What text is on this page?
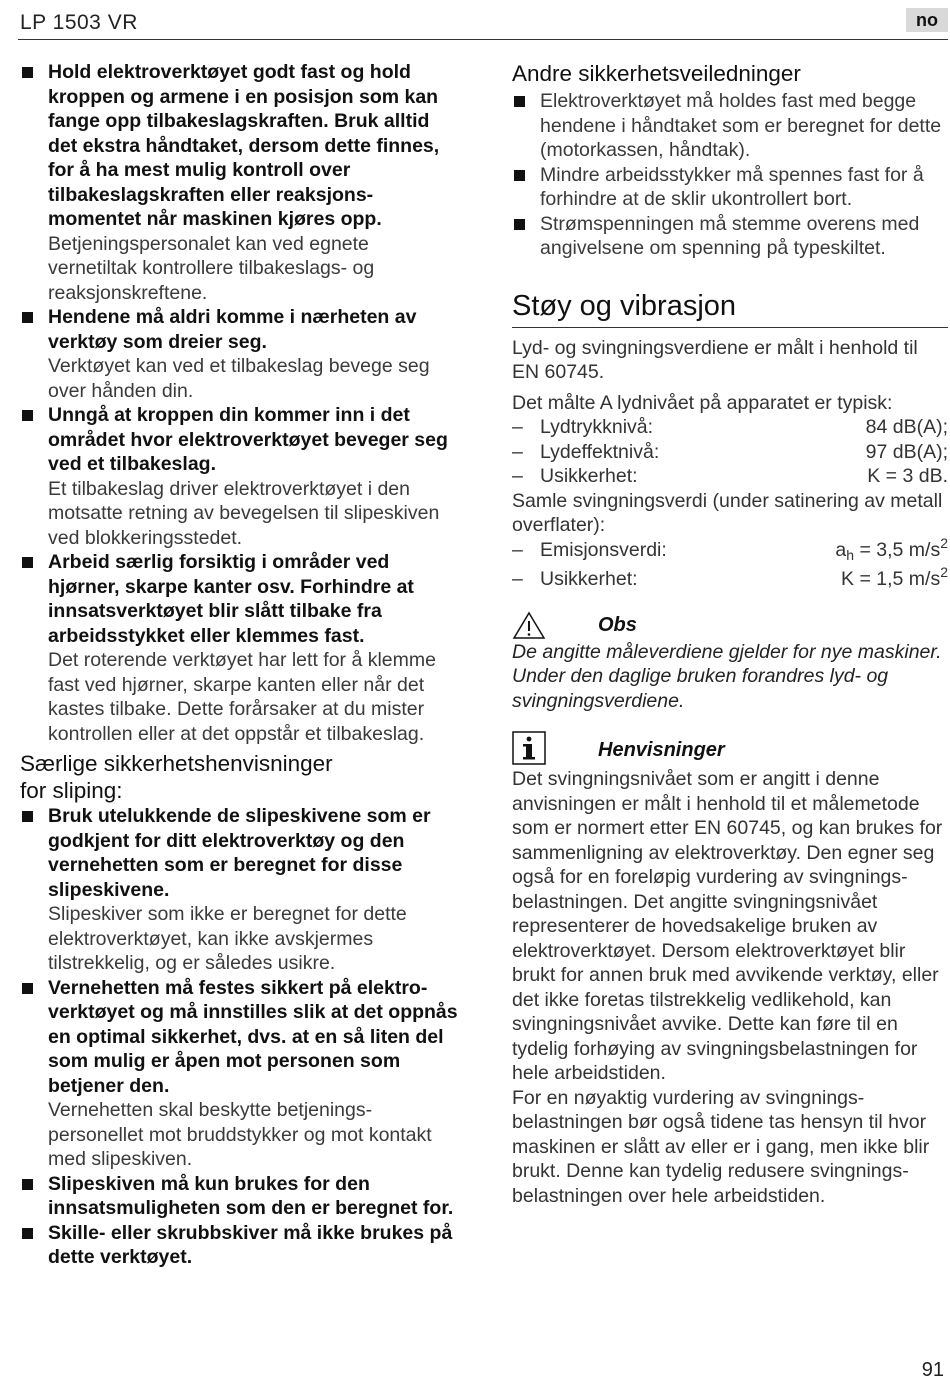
LP 1503 VR	no
Hold elektroverktøyet godt fast og hold kroppen og armene i en posisjon som kan fange opp tilbakeslagskraften. Bruk alltid det ekstra håndtaket, dersom dette finnes, for å ha mest mulig kontroll over tilbakeslagskraften eller reaksjons-momentet når maskinen kjøres opp.
Betjeningspersonalet kan ved egnete vernetiltak kontrollere tilbakeslags- og reaksjonskreftene.
Hendene må aldri komme i nærheten av verktøy som dreier seg.
Verktøyet kan ved et tilbakeslag bevege seg over hånden din.
Unngå at kroppen din kommer inn i det området hvor elektroverktøyet beveger seg ved et tilbakeslag.
Et tilbakeslag driver elektroverktøyet i den motsatte retning av bevegelsen til slipeskiven ved blokkeringsstedet.
Arbeid særlig forsiktig i områder ved hjørner, skarpe kanter osv. Forhindre at innsatsverktøyet blir slått tilbake fra arbeidsstykket eller klemmes fast.
Det roterende verktøyet har lett for å klemme fast ved hjørner, skarpe kanten eller når det kastes tilbake. Dette forårsaker at du mister kontrollen eller at det oppstår et tilbakeslag.
Særlige sikkerhetshenvisninger
for sliping:
Bruk utelukkende de slipeskivene som er godkjent for ditt elektroverktøy og den vernehetten som er beregnet for disse slipeskivene.
Slipeskiver som ikke er beregnet for dette elektroverktøyet, kan ikke avskjermes tilstrekkelig, og er således usikre.
Vernehetten må festes sikkert på elektro-verktøyet og må innstilles slik at det oppnås en optimal sikkerhet, dvs. at en så liten del som mulig er åpen mot personen som betjener den.
Vernehetten skal beskytte betjenings-personellet mot bruddstykker og mot kontakt med slipeskiven.
Slipeskiven må kun brukes for den innsatsmuligheten som den er beregnet for.
Skille- eller skrubbskiver må ikke brukes på dette verktøyet.
Andre sikkerhetsveiledninger
Elektroverktøyet må holdes fast med begge hendene i håndtaket som er beregnet for dette (motorkassen, håndtak).
Mindre arbeidsstykker må spennes fast for å forhindre at de sklir ukontrollert bort.
Strømspenningen må stemme overens med angivelsene om spenning på typeskiltet.
Støy og vibrasjon
Lyd- og svingningsverdiene er målt i henhold til EN 60745.
Det målte A lydnivået på apparatet er typisk:
– Lydtrykknivå:	84 dB(A);
– Lydeffektnivå:	97 dB(A);
– Usikkerhet:	K = 3 dB.
Samle svingningsverdi (under satinering av metall overflater):
– Emisjonsverdi:	$a_h = 3,5$ $m/s^2$
– Usikkerhet:	K = 1,5 $m/s^2$
Obs
De angitte måleverdiene gjelder for nye maskiner. Under den daglige bruken forandres lyd- og svingningsverdiene.
Henvisninger
Det svingningsnivået som er angitt i denne anvisningen er målt i henhold til et målemetode som er normert etter EN 60745, og kan brukes for sammenligning av elektroverktøy. Den egner seg også for en foreløpig vurdering av svingnings-belastningen. Det angitte svingningsnivået representerer de hovedsakelige bruken av elektroverktøyet. Dersom elektroverktøyet blir brukt for annen bruk med avvikende verktøy, eller det ikke foretas tilstrekkelig vedlikehold, kan svingningsnivået avvike. Dette kan føre til en tydelig forhøying av svingningsbelastningen for hele arbeidstiden.
For en nøyaktig vurdering av svingnings-belastningen bør også tidene tas hensyn til hvor maskinen er slått av eller er i gang, men ikke blir brukt. Denne kan tydelig redusere svingnings-belastningen over hele arbeidstiden.
91
